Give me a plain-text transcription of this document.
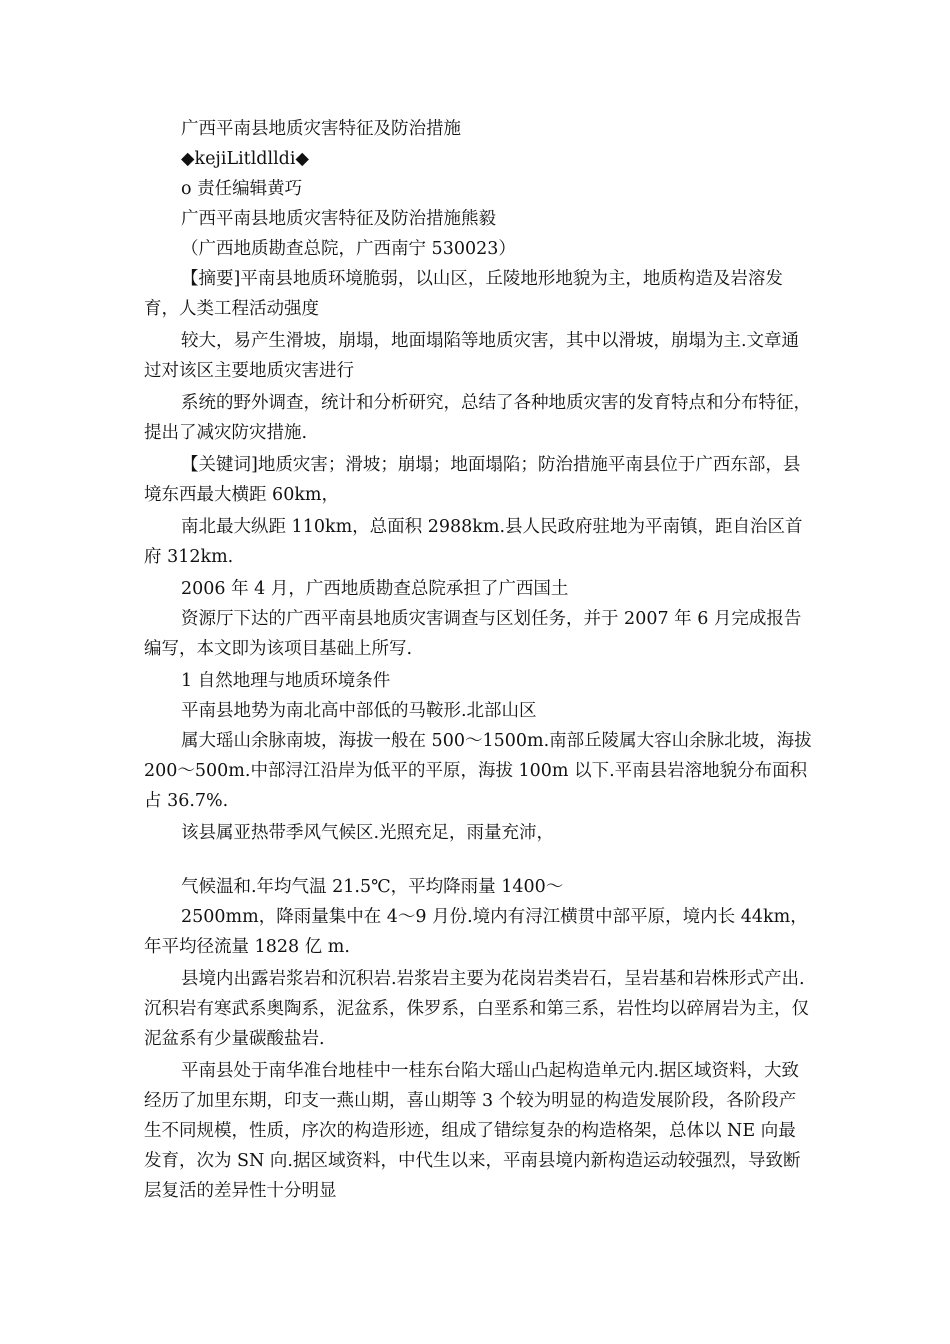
广西平南县地质灾害特征及防治措施

◆kejiLitldlldi◆

o 责任编辑黄巧

广西平南县地质灾害特征及防治措施熊毅

（广西地质勘查总院，广西南宁 530023）

【摘要]平南县地质环境脆弱，以山区，丘陵地形地貌为主，地质构造及岩溶发育，人类工程活动强度

较大，易产生滑坡，崩塌，地面塌陷等地质灾害，其中以滑坡，崩塌为主.文章通过对该区主要地质灾害进行

系统的野外调查，统计和分析研究，总结了各种地质灾害的发育特点和分布特征，提出了减灾防灾措施.

【关键词]地质灾害；滑坡；崩塌；地面塌陷；防治措施平南县位于广西东部，县境东西最大横距 60km，

南北最大纵距 110km，总面积 2988km.县人民政府驻地为平南镇，距自治区首府 312km.

2006 年 4 月，广西地质勘查总院承担了广西国土

资源厅下达的广西平南县地质灾害调查与区划任务，并于 2007 年 6 月完成报告编写，本文即为该项目基础上所写.

1 自然地理与地质环境条件

平南县地势为南北高中部低的马鞍形.北部山区

属大瑶山余脉南坡，海拔一般在 500～1500m.南部丘陵属大容山余脉北坡，海拔 200～500m.中部浔江沿岸为低平的平原，海拔 100m 以下.平南县岩溶地貌分布面积占 36.7%.

该县属亚热带季风气候区.光照充足，雨量充沛，

气候温和.年均气温 21.5℃，平均降雨量 1400～

2500mm，降雨量集中在 4～9 月份.境内有浔江横贯中部平原，境内长 44km，年平均径流量 1828 亿 m.

县境内出露岩浆岩和沉积岩.岩浆岩主要为花岗岩类岩石，呈岩基和岩株形式产出.沉积岩有寒武系奥陶系，泥盆系，侏罗系，白垩系和第三系，岩性均以碎屑岩为主，仅泥盆系有少量碳酸盐岩.

平南县处于南华准台地桂中一桂东台陷大瑶山凸起构造单元内.据区域资料，大致经历了加里东期，印支一燕山期，喜山期等 3 个较为明显的构造发展阶段，各阶段产生不同规模，性质，序次的构造形迹，组成了错综复杂的构造格架，总体以 NE 向最发育，次为 SN 向.据区域资料，中代生以来，平南县境内新构造运动较强烈，导致断层复活的差异性十分明显
